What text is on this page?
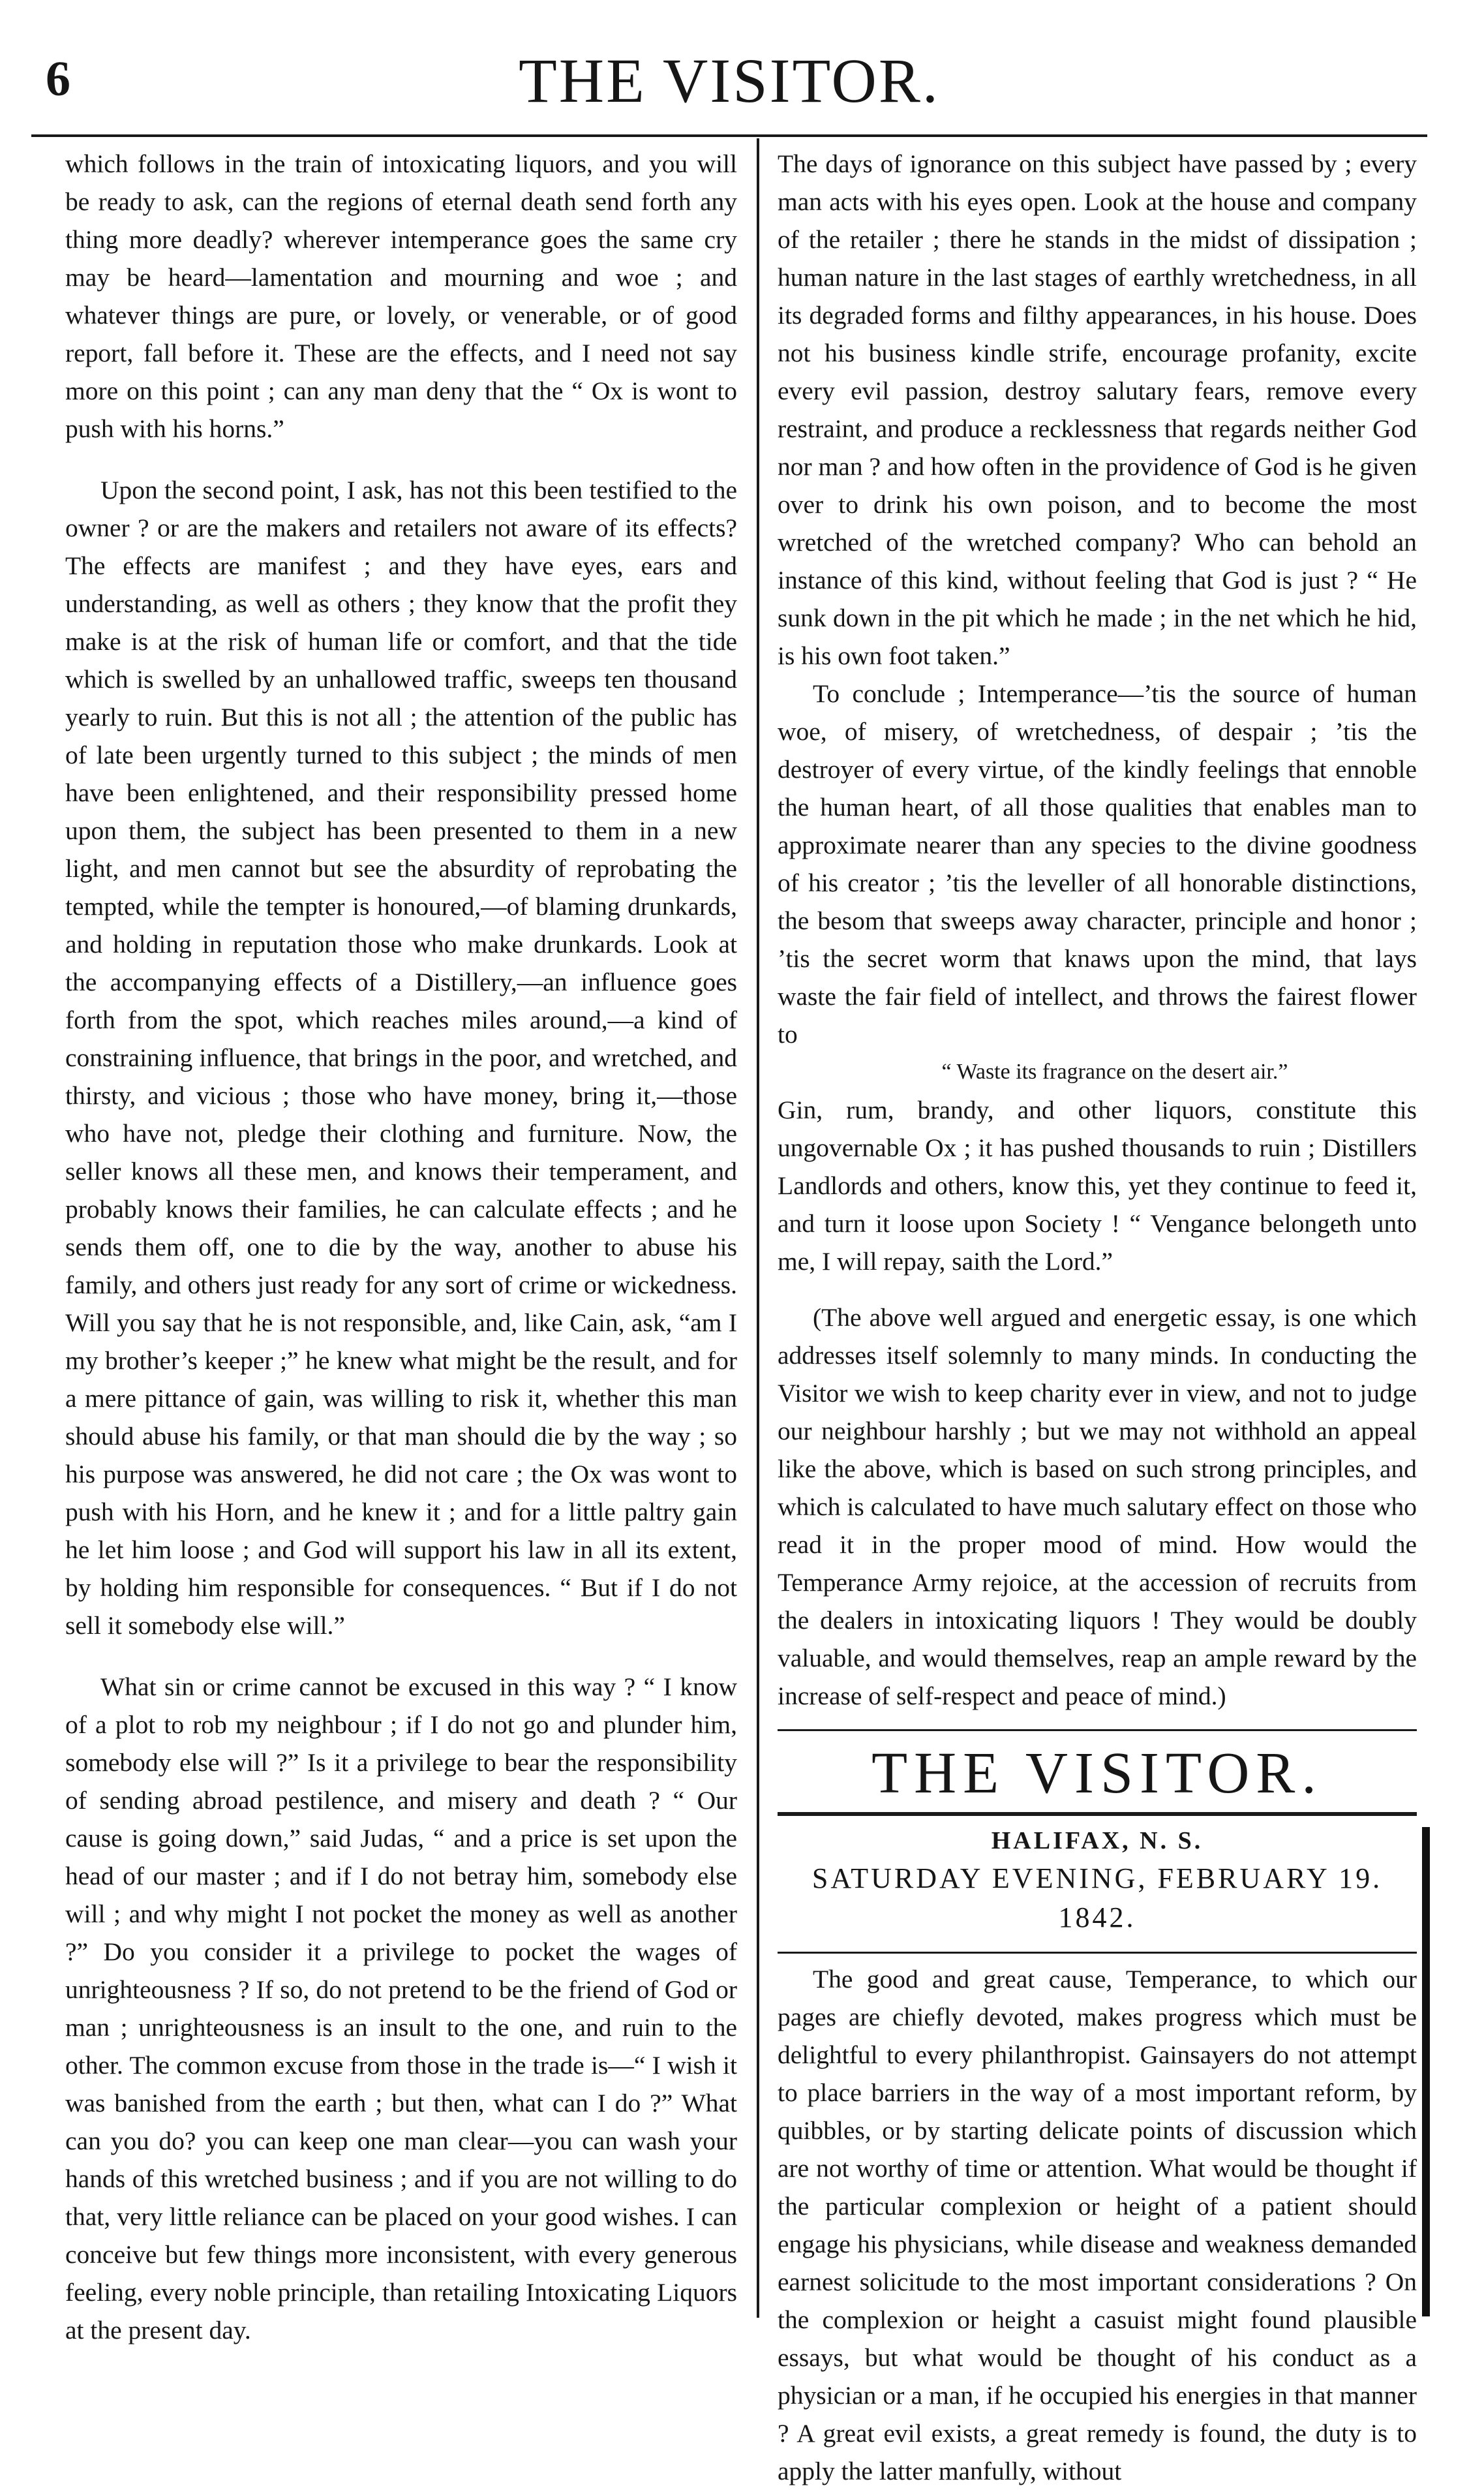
6	THE VISITOR.

which follows in the train of intoxicating liquors, and you will be ready to ask, can the regions of eternal death send forth any thing more deadly? wherever intemperance goes the same cry may be heard—lamentation and mourning and woe ; and whatever things are pure, or lovely, or venerable, or of good report, fall before it. These are the effects, and I need not say more on this point ; can any man deny that the “ Ox is wont to push with his horns.”

Upon the second point, I ask, has not this been testified to the owner ? or are the makers and retailers not aware of its effects? The effects are manifest ; and they have eyes, ears and understanding, as well as others ; they know that the profit they make is at the risk of human life or comfort, and that the tide which is swelled by an unhallowed traffic, sweeps ten thousand yearly to ruin. But this is not all ; the attention of the public has of late been urgently turned to this subject ; the minds of men have been enlightened, and their responsibility pressed home upon them, the subject has been presented to them in a new light, and men cannot but see the absurdity of reprobating the tempted, while the tempter is honoured,—of blaming drunkards, and holding in reputation those who make drunkards. Look at the accompanying effects of a Distillery,—an influence goes forth from the spot, which reaches miles around,—a kind of constraining influence, that brings in the poor, and wretched, and thirsty, and vicious ; those who have money, bring it,—those who have not, pledge their clothing and furniture. Now, the seller knows all these men, and knows their temperament, and probably knows their families, he can calculate effects ; and he sends them off, one to die by the way, another to abuse his family, and others just ready for any sort of crime or wickedness. Will you say that he is not responsible, and, like Cain, ask, “am I my brother’s keeper ;” he knew what might be the result, and for a mere pittance of gain, was willing to risk it, whether this man should abuse his family, or that man should die by the way ; so his purpose was answered, he did not care ; the Ox was wont to push with his Horn, and he knew it ; and for a little paltry gain he let him loose ; and God will support his law in all its extent, by holding him responsible for consequences. “ But if I do not sell it somebody else will.”

What sin or crime cannot be excused in this way ? “ I know of a plot to rob my neighbour ; if I do not go and plunder him, somebody else will ?” Is it a privilege to bear the responsibility of sending abroad pestilence, and misery and death ? “ Our cause is going down,” said Judas, “ and a price is set upon the head of our master ; and if I do not betray him, somebody else will ; and why might I not pocket the money as well as another ?” Do you consider it a privilege to pocket the wages of unrighteousness ? If so, do not pretend to be the friend of God or man ; unrighteousness is an insult to the one, and ruin to the other. The common excuse from those in the trade is—“ I wish it was banished from the earth ; but then, what can I do ?” What can you do? you can keep one man clear—you can wash your hands of this wretched business ; and if you are not willing to do that, very little reliance can be placed on your good wishes. I can conceive but few things more inconsistent, with every generous feeling, every noble principle, than retailing Intoxicating Liquors at the present day.

The days of ignorance on this subject have passed by ; every man acts with his eyes open. Look at the house and company of the retailer ; there he stands in the midst of dissipation ; human nature in the last stages of earthly wretchedness, in all its degraded forms and filthy appearances, in his house. Does not his business kindle strife, encourage profanity, excite every evil passion, destroy salutary fears, remove every restraint, and produce a recklessness that regards neither God nor man ? and how often in the providence of God is he given over to drink his own poison, and to become the most wretched of the wretched company? Who can behold an instance of this kind, without feeling that God is just ? “ He sunk down in the pit which he made ; in the net which he hid, is his own foot taken.”

To conclude ; Intemperance—’tis the source of human woe, of misery, of wretchedness, of despair ; ’tis the destroyer of every virtue, of the kindly feelings that ennoble the human heart, of all those qualities that enables man to approximate nearer than any species to the divine goodness of his creator ; ’tis the leveller of all honorable distinctions, the besom that sweeps away character, principle and honor ; ’tis the secret worm that knaws upon the mind, that lays waste the fair field of intellect, and throws the fairest flower to

“ Waste its fragrance on the desert air.”

Gin, rum, brandy, and other liquors, constitute this ungovernable Ox ; it has pushed thousands to ruin ; Distillers Landlords and others, know this, yet they continue to feed it, and turn it loose upon Society ! “ Vengance belongeth unto me, I will repay, saith the Lord.”

(The above well argued and energetic essay, is one which addresses itself solemnly to many minds. In conducting the Visitor we wish to keep charity ever in view, and not to judge our neighbour harshly ; but we may not withhold an appeal like the above, which is based on such strong principles, and which is calculated to have much salutary effect on those who read it in the proper mood of mind. How would the Temperance Army rejoice, at the accession of recruits from the dealers in intoxicating liquors ! They would be doubly valuable, and would themselves, reap an ample reward by the increase of self-respect and peace of mind.)

THE VISITOR.
HALIFAX, N. S.
SATURDAY EVENING, FEBRUARY 19. 1842.

The good and great cause, Temperance, to which our pages are chiefly devoted, makes progress which must be delightful to every philanthropist. Gainsayers do not attempt to place barriers in the way of a most important reform, by quibbles, or by starting delicate points of discussion which are not worthy of time or attention. What would be thought if the particular complexion or height of a patient should engage his physicians, while disease and weakness demanded earnest solicitude to the most important considerations ? On the complexion or height a casuist might found plausible essays, but what would be thought of his conduct as a physician or a man, if he occupied his energies in that manner ? A great evil exists, a great remedy is found, the duty is to apply the latter manfully, without
